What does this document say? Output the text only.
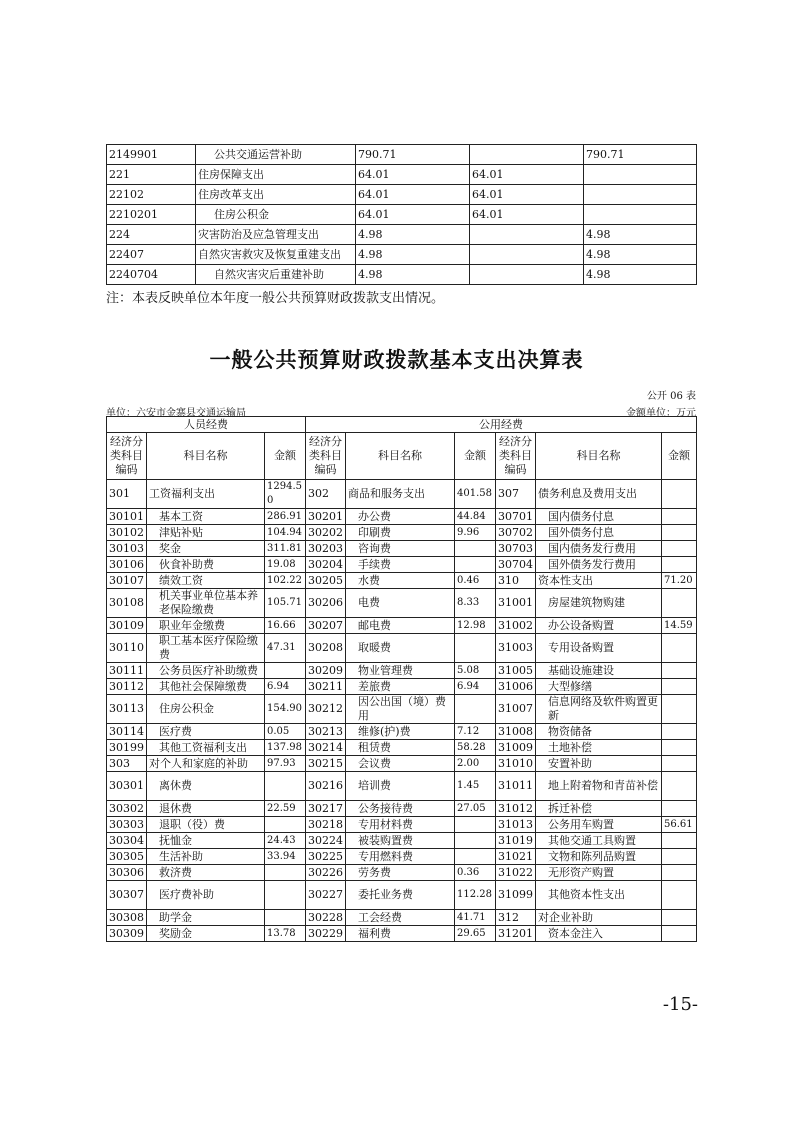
2149901	公共交通运营补助	790.71		790.71
221	住房保障支出	64.01	64.01	
22102	住房改革支出	64.01	64.01	
2210201	住房公积金	64.01	64.01	
224	灾害防治及应急管理支出	4.98		4.98
22407	自然灾害救灾及恢复重建支出	4.98		4.98
2240704	自然灾害灾后重建补助	4.98		4.98
注：本表反映单位本年度一般公共预算财政拨款支出情况。
一般公共预算财政拨款基本支出决算表
公开 06 表
单位：六安市金寨县交通运输局	金额单位：万元
人员经费			公用经费					
经济分类科目编码	科目名称	金额	经济分类科目编码	科目名称	金额	经济分类科目编码	科目名称	金额
301	工资福利支出	1294.50	302	商品和服务支出	401.58	307	债务利息及费用支出	
30101	基本工资	286.91	30201	办公费	44.84	30701	国内债务付息	
30102	津贴补贴	104.94	30202	印刷费	9.96	30702	国外债务付息	
30103	奖金	311.81	30203	咨询费		30703	国内债务发行费用	
30106	伙食补助费	19.08	30204	手续费		30704	国外债务发行费用	
30107	绩效工资	102.22	30205	水费	0.46	310	资本性支出	71.20
30108	机关事业单位基本养老保险缴费	105.71	30206	电费	8.33	31001	房屋建筑物购建	
30109	职业年金缴费	16.66	30207	邮电费	12.98	31002	办公设备购置	14.59
30110	职工基本医疗保险缴费	47.31	30208	取暖费		31003	专用设备购置	
30111	公务员医疗补助缴费		30209	物业管理费	5.08	31005	基础设施建设	
30112	其他社会保障缴费	6.94	30211	差旅费	6.94	31006	大型修缮	
30113	住房公积金	154.90	30212	因公出国（境）费用		31007	信息网络及软件购置更新	
30114	医疗费	0.05	30213	维修(护)费	7.12	31008	物资储备	
30199	其他工资福利支出	137.98	30214	租赁费	58.28	31009	土地补偿	
303	对个人和家庭的补助	97.93	30215	会议费	2.00	31010	安置补助	
30301	离休费		30216	培训费	1.45	31011	地上附着物和青苗补偿	
30302	退休费	22.59	30217	公务接待费	27.05	31012	拆迁补偿	
30303	退职（役）费		30218	专用材料费		31013	公务用车购置	56.61
30304	抚恤金	24.43	30224	被装购置费		31019	其他交通工具购置	
30305	生活补助	33.94	30225	专用燃料费		31021	文物和陈列品购置	
30306	救济费		30226	劳务费	0.36	31022	无形资产购置	
30307	医疗费补助		30227	委托业务费	112.28	31099	其他资本性支出	
30308	助学金		30228	工会经费	41.71	312	对企业补助	
30309	奖励金	13.78	30229	福利费	29.65	31201	资本金注入	
-15-
